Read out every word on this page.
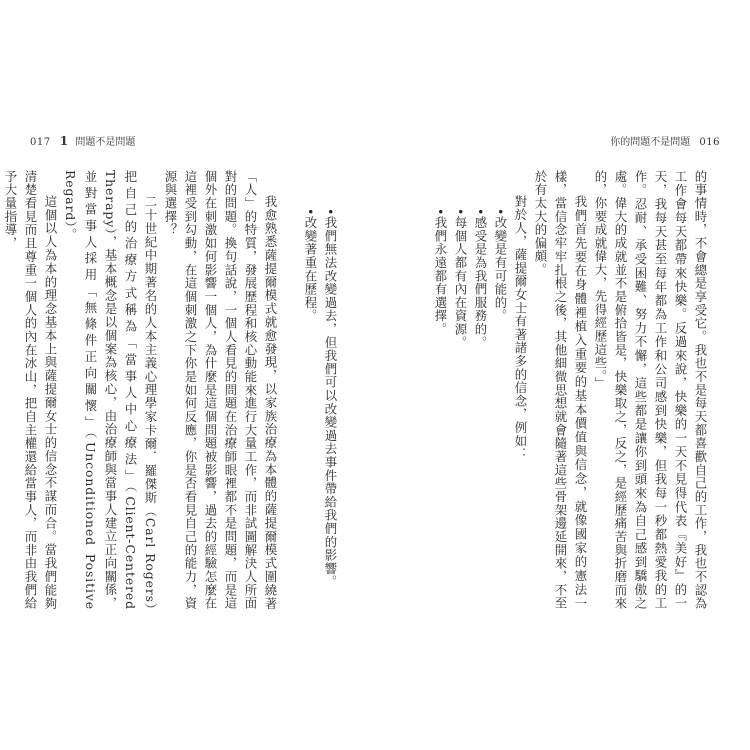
017 1 問題不是問題	你的問題不是問題 016

的事情時，不會總是享受它。我也不是每天都喜歡自己的工作，我也不認為工作會每天都帶來快樂。反過來說，快樂的一天不見得代表『美好』的一天，我每天甚至每年都為工作和公司感到快樂，但我每一秒都熱愛我的工作。忍耐、承受困難、努力不懈，這些都是讓你到頭來為自己感到驕傲之處。偉大的成就並不是俯拾皆是，快樂取之，反之，是經歷痛苦與折磨而來的，你要成就偉大，先得經歷這些。」

我們首先要在身體裡植入重要的基本價值與信念，就像國家的憲法一樣，當信念牢牢扎根之後，其他細微思想就會隨著這些骨架邊延開來，不至於有太大的偏頗。

對於人，薩提爾女士有著諸多的信念，例如：

• 改變是有可能的。

• 感受是為我們服務的。

• 每個人都有內在資源。

• 我們永遠都有選擇。

• 我們無法改變過去，但我們可以改變過去事件帶給我們的影響。

• 改變著重在歷程。

我愈熟悉薩提爾模式就愈發現，以家族治療為本體的薩提爾模式圍繞著「人」的特質，發展歷程和核心動能來進行大量工作，而非試圖解決人所面對的問題。換句話說，一個人看見的問題在治療師眼裡都不是問題，而是這個外在刺激如何影響一個人，為什麼是這個問題被影響，過去的經驗怎麼在這裡受到勾動，在這個刺激之下你是如何反應，你是否看見自己的能力，資源與選擇？

二十世紀中期著名的人本主義心理學家卡爾．羅傑斯（Carl Rogers）把自己的治療方式稱為「當事人中心療法」（Client-Centered Therapy），基本概念是以個案為核心，由治療師與當事人建立正向關係，並對當事人採用「無條件正向關懷」（Unconditioned Positive Regard）。

這個以人為本的理念基本上與薩提爾女士的信念不謀而合。當我們能夠清楚看見而且尊重一個人的內在冰山，把自主權還給當事人，而非由我們給予大量指導，
